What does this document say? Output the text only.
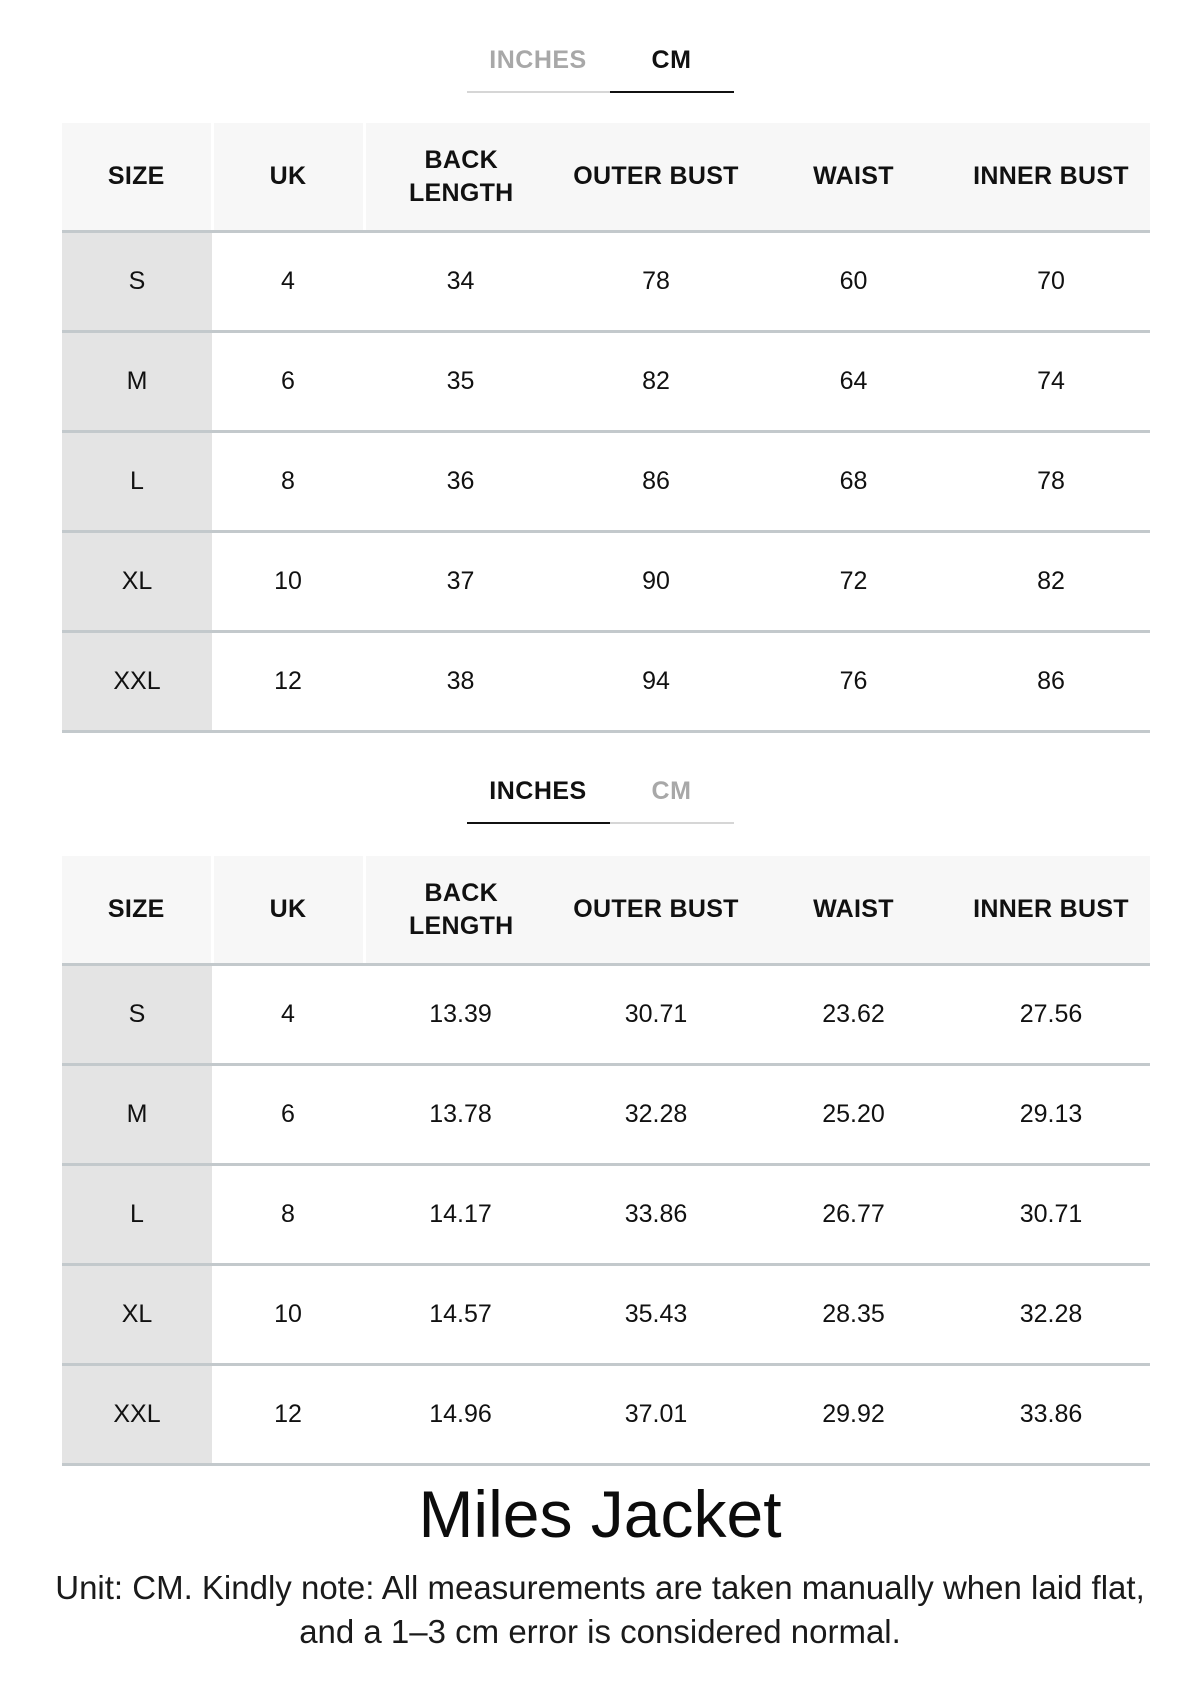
INCHES	CM
SIZE	UK	BACK LENGTH	OUTER BUST	WAIST	INNER BUST
S	4	34	78	60	70
M	6	35	82	64	74
L	8	36	86	68	78
XL	10	37	90	72	82
XXL	12	38	94	76	86
INCHES	CM
SIZE	UK	BACK LENGTH	OUTER BUST	WAIST	INNER BUST
S	4	13.39	30.71	23.62	27.56
M	6	13.78	32.28	25.20	29.13
L	8	14.17	33.86	26.77	30.71
XL	10	14.57	35.43	28.35	32.28
XXL	12	14.96	37.01	29.92	33.86
Miles Jacket
Unit: CM. Kindly note: All measurements are taken manually when laid flat, and a 1–3 cm error is considered normal.
